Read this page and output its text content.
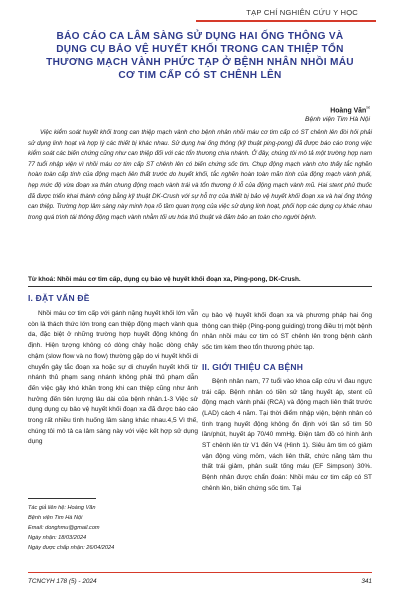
TẠP CHÍ NGHIÊN CỨU Y HỌC
BÁO CÁO CA LÂM SÀNG SỬ DỤNG HAI ỐNG THÔNG VÀ DỤNG CỤ BẢO VỆ HUYẾT KHỐI TRONG CAN THIỆP TỔN THƯƠNG MẠCH VÀNH PHỨC TẠP Ở BỆNH NHÂN NHỒI MÁU CƠ TIM CẤP CÓ ST CHÊNH LÊN
Hoàng Văn✉
Bệnh viện Tim Hà Nội

Việc kiểm soát huyết khối trong can thiệp mạch vành cho bệnh nhân nhồi máu cơ tim cấp có ST chênh lên đòi hỏi phải sử dụng linh hoạt và hợp lý các thiết bị khác nhau. Sử dụng hai ống thông (kỹ thuật ping-pong) đã được báo cáo trong việc kiểm soát các biến chứng cũng như can thiệp đối với các tổn thương chia nhánh. Ở đây, chúng tôi mô tả một trường hợp nam 77 tuổi nhập viện vì nhồi máu cơ tim cấp ST chênh lên có biến chứng sốc tim. Chụp động mạch vành cho thấy tắc nghẽn hoàn toàn cấp tính của động mạch liên thất trước do huyết khối, tắc nghẽn hoàn toàn mãn tính của động mạch vành phải, hẹp mức độ vừa đoạn xa thân chung động mạch vành trái và tổn thương ở lỗ của động mạch vành mũ. Hai stent phủ thuốc đã được triển khai thành công bằng kỹ thuật DK-Crush với sự hỗ trợ của thiết bị bảo vệ huyết khối đoạn xa và hai ống thông can thiệp. Trường hợp lâm sàng này minh họa rõ tầm quan trọng của việc sử dụng linh hoạt, phối hợp các dụng cụ khác nhau trong quá trình tái thông động mạch vành nhằm tối ưu hóa thủ thuật và đảm bảo an toàn cho người bệnh.

Từ khoá: Nhồi máu cơ tim cấp, dụng cụ bảo vệ huyết khối đoạn xa, Ping-pong, DK-Crush.

I. ĐẶT VẤN ĐỀ

Nhồi máu cơ tim cấp với gánh nặng huyết khối lớn vẫn còn là thách thức lớn trong can thiệp động mạch vành qua da, đặc biệt ở những trường hợp huyết động không ổn định. Hiện tượng không có dòng chảy hoặc dòng chảy chậm (slow flow và no flow) thường gặp do vi huyết khối di chuyển gây tắc đoạn xa hoặc sự di chuyển huyết khối từ nhánh thủ phạm sang nhánh không phải thủ phạm dẫn đến việc gây khó khăn trong khi can thiệp cũng như ảnh hưởng đến tiên lượng lâu dài của bệnh nhân.1-3 Việc sử dụng dụng cụ bảo vệ huyết khối đoạn xa đã được báo cáo trong rất nhiều tình huống lâm sàng khác nhau.4,5 Vì thế, chúng tôi mô tả ca lâm sàng này với việc kết hợp sử dụng dụng

cụ bảo vệ huyết khối đoạn xa và phương pháp hai ống thông can thiệp (Ping-pong guiding) trong điều trị một bệnh nhân nhồi máu cơ tim có ST chênh lên trong bệnh cảnh sốc tim kèm theo tổn thương phức tạp.

II. GIỚI THIỆU CA BỆNH

Bệnh nhân nam, 77 tuổi vào khoa cấp cứu vì đau ngực trái cấp. Bệnh nhân có tiền sử tăng huyết áp, stent cũ động mạch vành phải (RCA) và động mạch liên thất trước (LAD) cách 4 năm. Tại thời điểm nhập viện, bệnh nhân có tình trạng huyết động không ổn định với tần số tim 50 lần/phút, huyết áp 70/40 mmHg. Điện tâm đồ có hình ảnh ST chênh lên từ V1 đến V4 (Hình 1). Siêu âm tim có giảm vận động vùng mỏm, vách liên thất, chức năng tâm thu thất trái giảm, phân suất tống máu (EF Simpson) 30%. Bệnh nhân được chẩn đoán: Nhồi máu cơ tim cấp có ST chênh lên, biến chứng sốc tim. Tại

Tác giả liên hệ: Hoàng Văn
Bệnh viện Tim Hà Nội
Email: donghmu@gmail.com
Ngày nhận: 18/03/2024
Ngày được chấp nhận: 26/04/2024
TCNCYH 178 (5) - 2024	341
